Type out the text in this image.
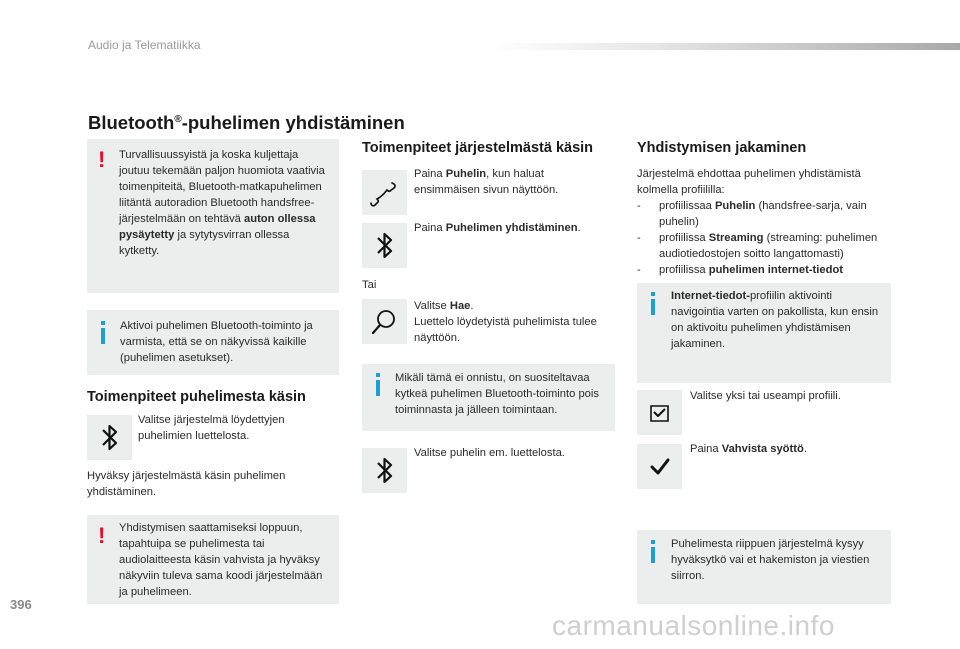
Audio ja Telematiikka
Bluetooth®-puhelimen yhdistäminen
! Turvallisuussyistä ja koska kuljettaja joutuu tekemään paljon huomiota vaativia toimenpiteitä, Bluetooth-matkapuhelimen liitäntä autoradion Bluetooth handsfree-järjestelmään on tehtävä auton ollessa pysäytetty ja sytytysvirran ollessa kytketty.
Aktivoi puhelimen Bluetooth-toiminto ja varmista, että se on näkyvissä kaikille (puhelimen asetukset).
Toimenpiteet puhelimesta käsin
Valitse järjestelmä löydettyjen puhelimien luettelosta.
Hyväksy järjestelmästä käsin puhelimen yhdistäminen.
! Yhdistymisen saattamiseksi loppuun, tapahtuipa se puhelimesta tai audiolaitteesta käsin vahvista ja hyväksy näkyviin tuleva sama koodi järjestelmään ja puhelimeen.
Toimenpiteet järjestelmästä käsin
Paina Puhelin, kun haluat ensimmäisen sivun näyttöön.
Paina Puhelimen yhdistäminen.
Tai
Valitse Hae.
Luettelo löydetyistä puhelimista tulee näyttöön.
Mikäli tämä ei onnistu, on suositeltavaa kytkeä puhelimen Bluetooth-toiminto pois toiminnasta ja jälleen toimintaan.
Valitse puhelin em. luettelosta.
Yhdistymisen jakaminen
Järjestelmä ehdottaa puhelimen yhdistämistä kolmella profiililla:
- profiilissaa Puhelin (handsfree-sarja, vain puhelin)
- profiilissa Streaming (streaming: puhelimen audiotiedostojen soitto langattomasti)
- profiilissa puhelimen internet-tiedot
Internet-tiedot-profiilin aktivointi navigointia varten on pakollista, kun ensin on aktivoitu puhelimen yhdistämisen jakaminen.
Valitse yksi tai useampi profiili.
Paina Vahvista syöttö.
Puhelimesta riippuen järjestelmä kysyy hyväksytkö vai et hakemiston ja viestien siirron.
396
carmanualsonline.info
